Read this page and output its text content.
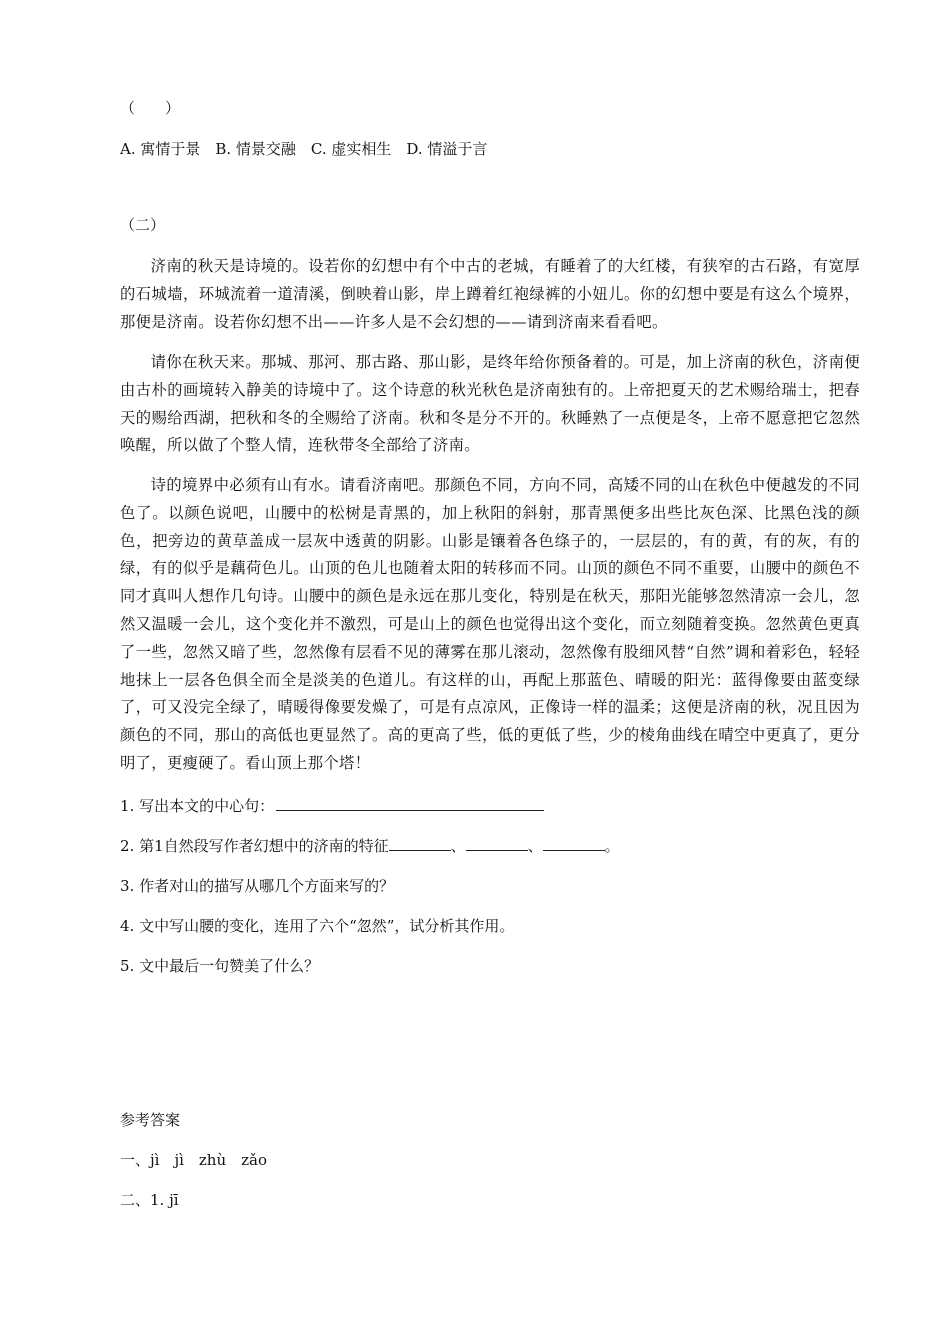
（　　）

A. 寓情于景　B. 情景交融　C. 虚实相生　D. 情溢于言

（二）

济南的秋天是诗境的。设若你的幻想中有个中古的老城，有睡着了的大红楼，有狭窄的古石路，有宽厚的石城墙，环城流着一道清溪，倒映着山影，岸上蹲着红袍绿裤的小妞儿。你的幻想中要是有这么个境界，那便是济南。设若你幻想不出——许多人是不会幻想的——请到济南来看看吧。

请你在秋天来。那城、那河、那古路、那山影，是终年给你预备着的。可是，加上济南的秋色，济南便由古朴的画境转入静美的诗境中了。这个诗意的秋光秋色是济南独有的。上帝把夏天的艺术赐给瑞士，把春天的赐给西湖，把秋和冬的全赐给了济南。秋和冬是分不开的。秋睡熟了一点便是冬，上帝不愿意把它忽然唤醒，所以做了个整人情，连秋带冬全部给了济南。

诗的境界中必须有山有水。请看济南吧。那颜色不同，方向不同，高矮不同的山在秋色中便越发的不同色了。以颜色说吧，山腰中的松树是青黑的，加上秋阳的斜射，那青黑便多出些比灰色深、比黑色浅的颜色，把旁边的黄草盖成一层灰中透黄的阴影。山影是镶着各色绦子的，一层层的，有的黄，有的灰，有的绿，有的似乎是藕荷色儿。山顶的色儿也随着太阳的转移而不同。山顶的颜色不同不重要，山腰中的颜色不同才真叫人想作几句诗。山腰中的颜色是永远在那儿变化，特别是在秋天，那阳光能够忽然清凉一会儿，忽然又温暖一会儿，这个变化并不激烈，可是山上的颜色也觉得出这个变化，而立刻随着变换。忽然黄色更真了一些，忽然又暗了些，忽然像有层看不见的薄雾在那儿滚动，忽然像有股细风替“自然”调和着彩色，轻轻地抹上一层各色俱全而全是淡美的色道儿。有这样的山，再配上那蓝色、晴暖的阳光：蓝得像要由蓝变绿了，可又没完全绿了，晴暖得像要发燥了，可是有点凉风，正像诗一样的温柔；这便是济南的秋，况且因为颜色的不同，那山的高低也更显然了。高的更高了些，低的更低了些，少的棱角曲线在晴空中更真了，更分明了，更瘦硬了。看山顶上那个塔！

1. 写出本文的中心句：

2. 第1自然段写作者幻想中的济南的特征	、	、	。

3. 作者对山的描写从哪几个方面来写的？

4. 文中写山腰的变化，连用了六个“忽然”，试分析其作用。

5. 文中最后一句赞美了什么？

参考答案

一、jì　jì　zhù　zǎo

二、1. jī
